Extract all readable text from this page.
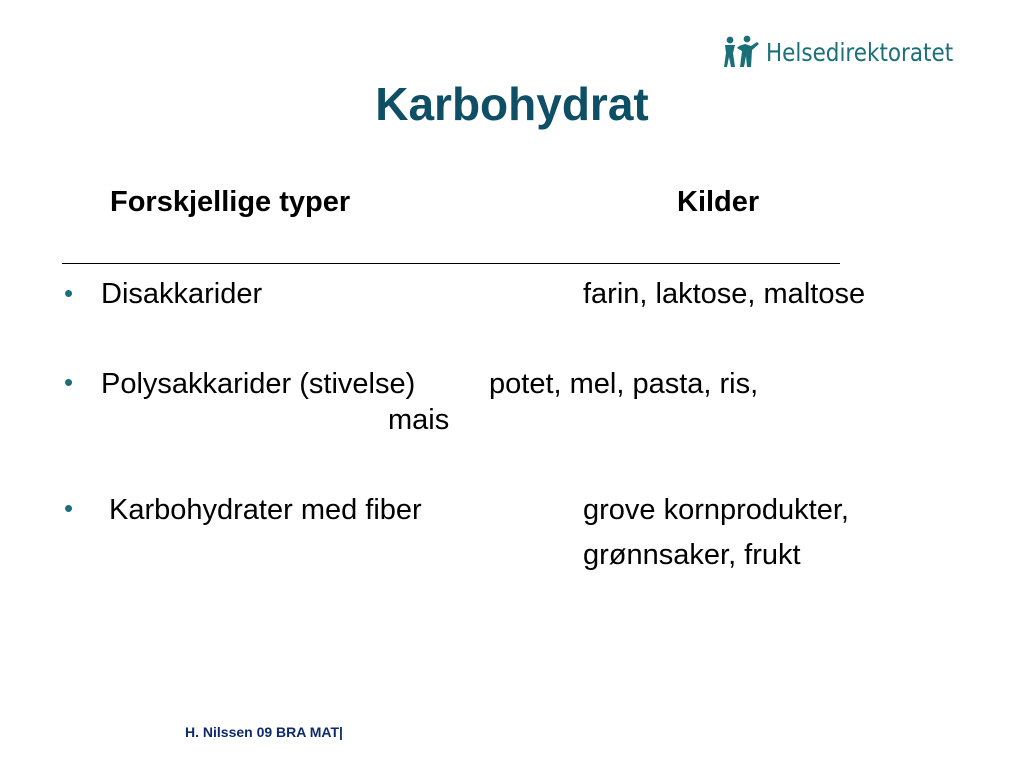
Helsedirektoratet
Karbohydrat
Forskjellige typer	Kilder
• Disakkarider	farin, laktose, maltose
• Polysakkarider (stivelse)	potet, mel, pasta, ris,
mais
• Karbohydrater med fiber	grove kornprodukter,
grønnsaker, frukt
H. Nilssen 09 BRA MAT|
